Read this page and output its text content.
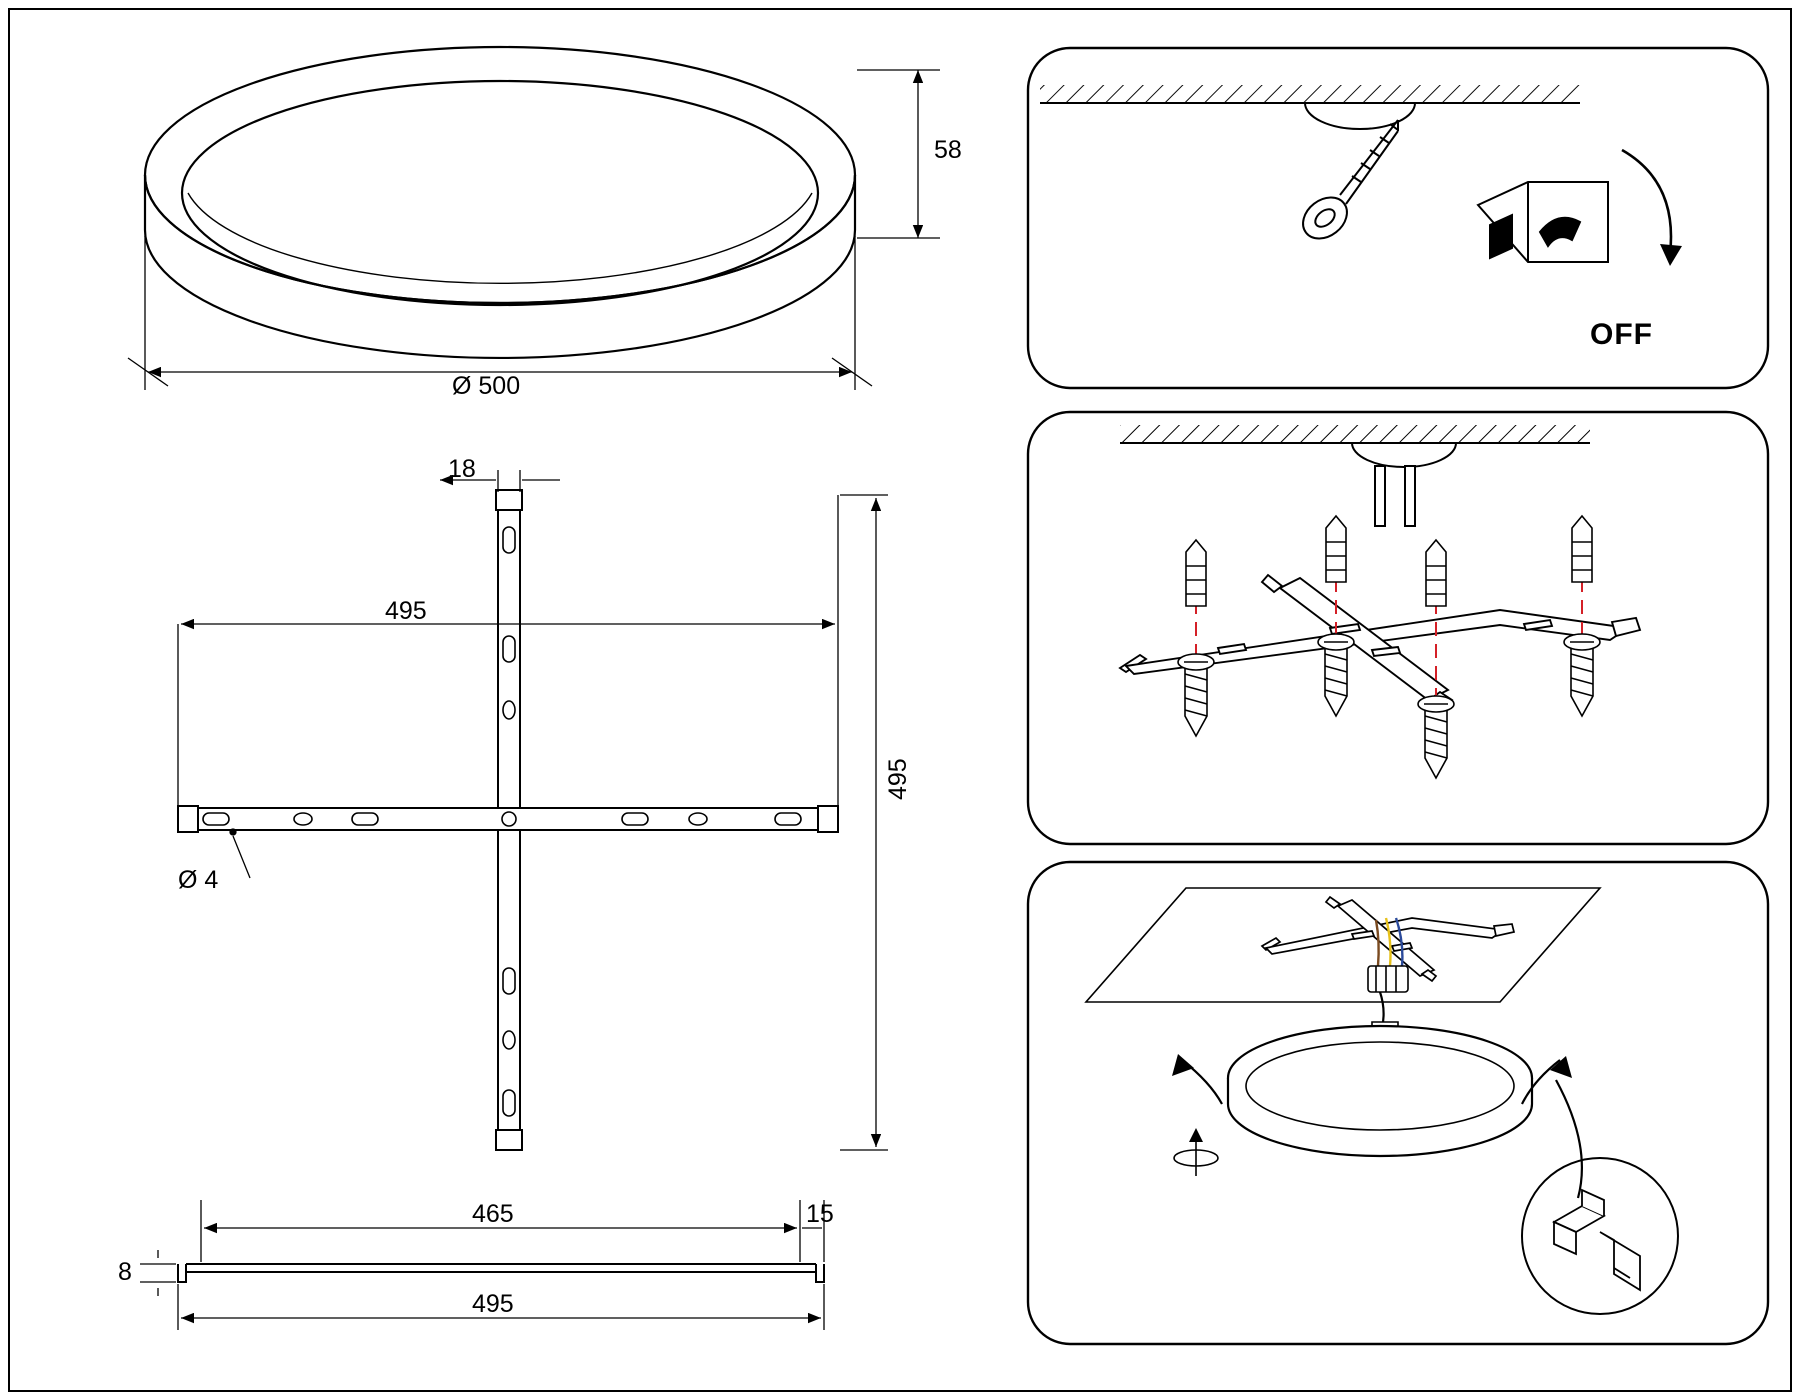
58
Ø 500
18
495
495
Ø 4
465	15
8
495
OFF
